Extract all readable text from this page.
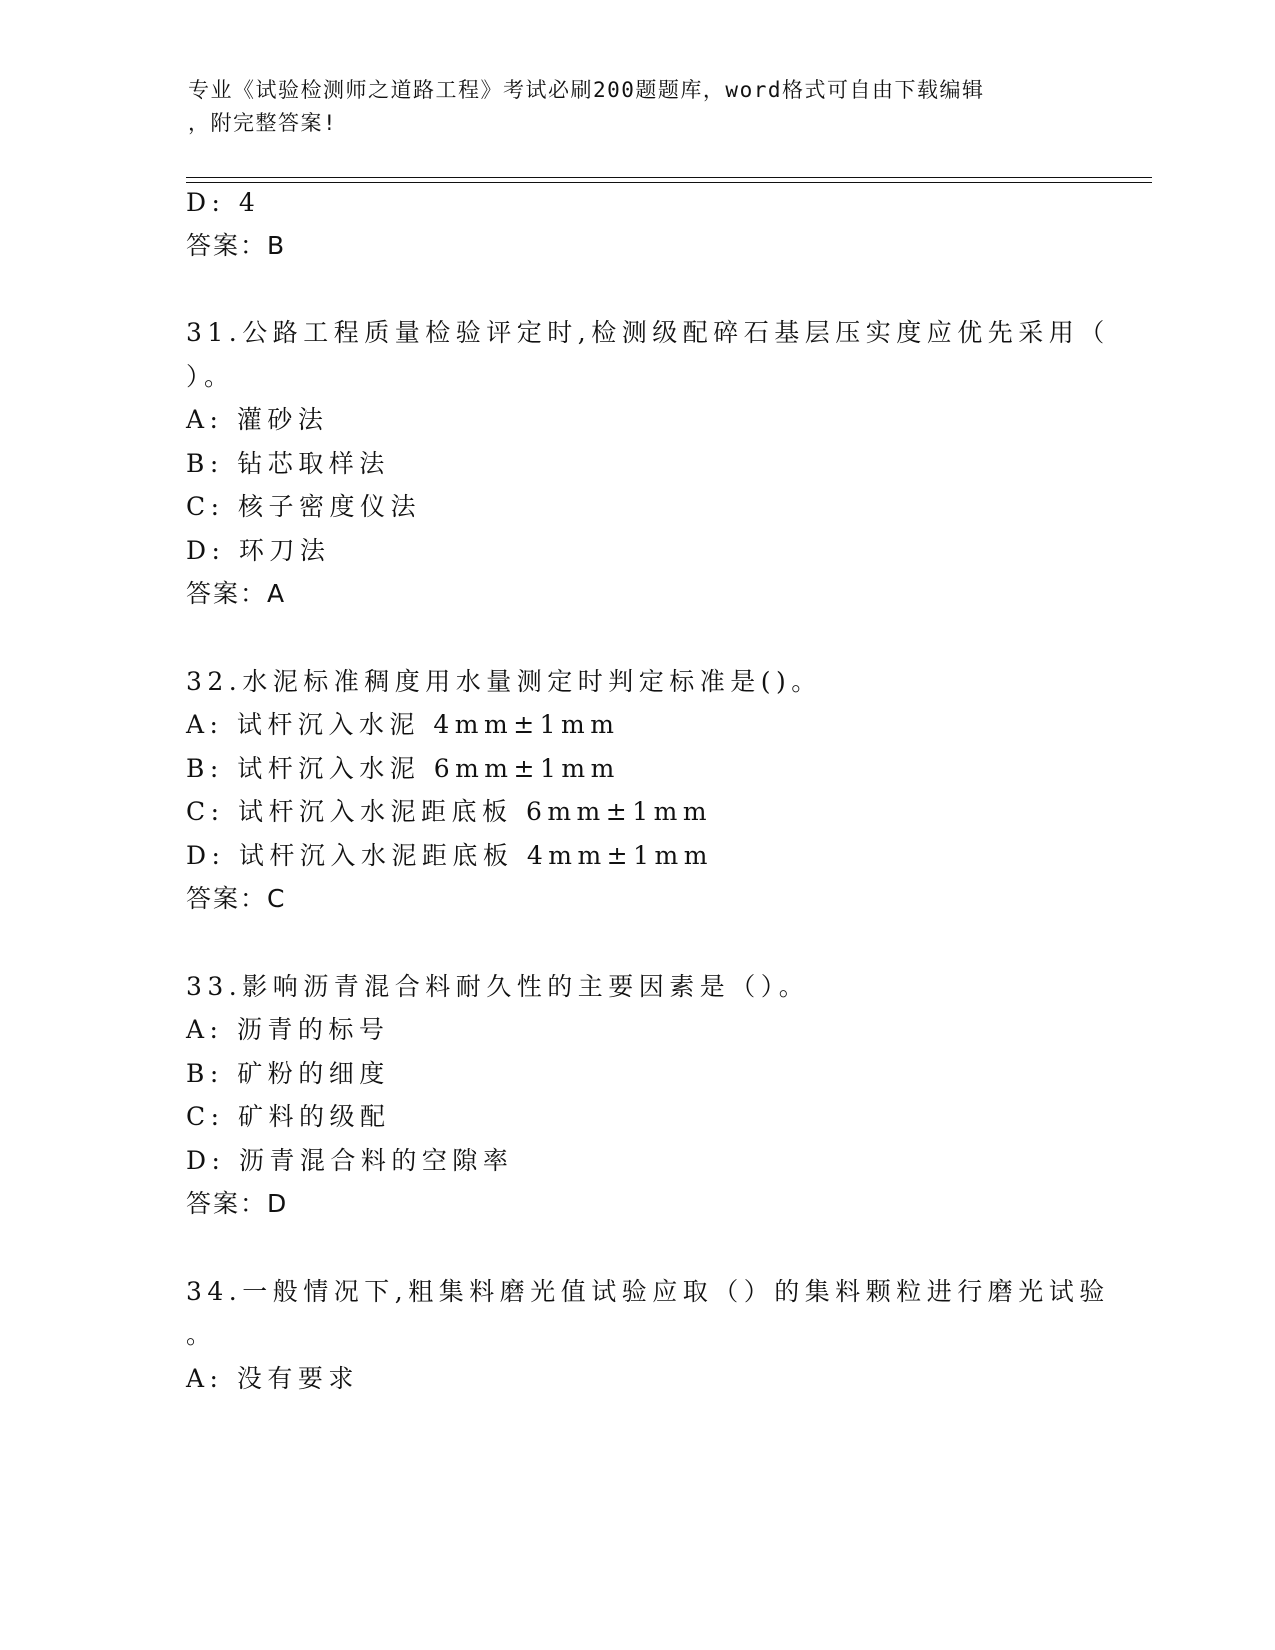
专业《试验检测师之道路工程》考试必刷200题题库，word格式可自由下载编辑
，附完整答案!
D: 4
答案：B
31.公路工程质量检验评定时,检测级配碎石基层压实度应优先采用（
）。
A: 灌砂法
B: 钻芯取样法
C: 核子密度仪法
D: 环刀法
答案：A
32.水泥标准稠度用水量测定时判定标准是()。
A: 试杆沉入水泥 4mm±1mm
B: 试杆沉入水泥 6mm±1mm
C: 试杆沉入水泥距底板 6mm±1mm
D: 试杆沉入水泥距底板 4mm±1mm
答案：C
33.影响沥青混合料耐久性的主要因素是（）。
A: 沥青的标号
B: 矿粉的细度
C: 矿料的级配
D: 沥青混合料的空隙率
答案：D
34.一般情况下,粗集料磨光值试验应取（）的集料颗粒进行磨光试验
。
A: 没有要求
